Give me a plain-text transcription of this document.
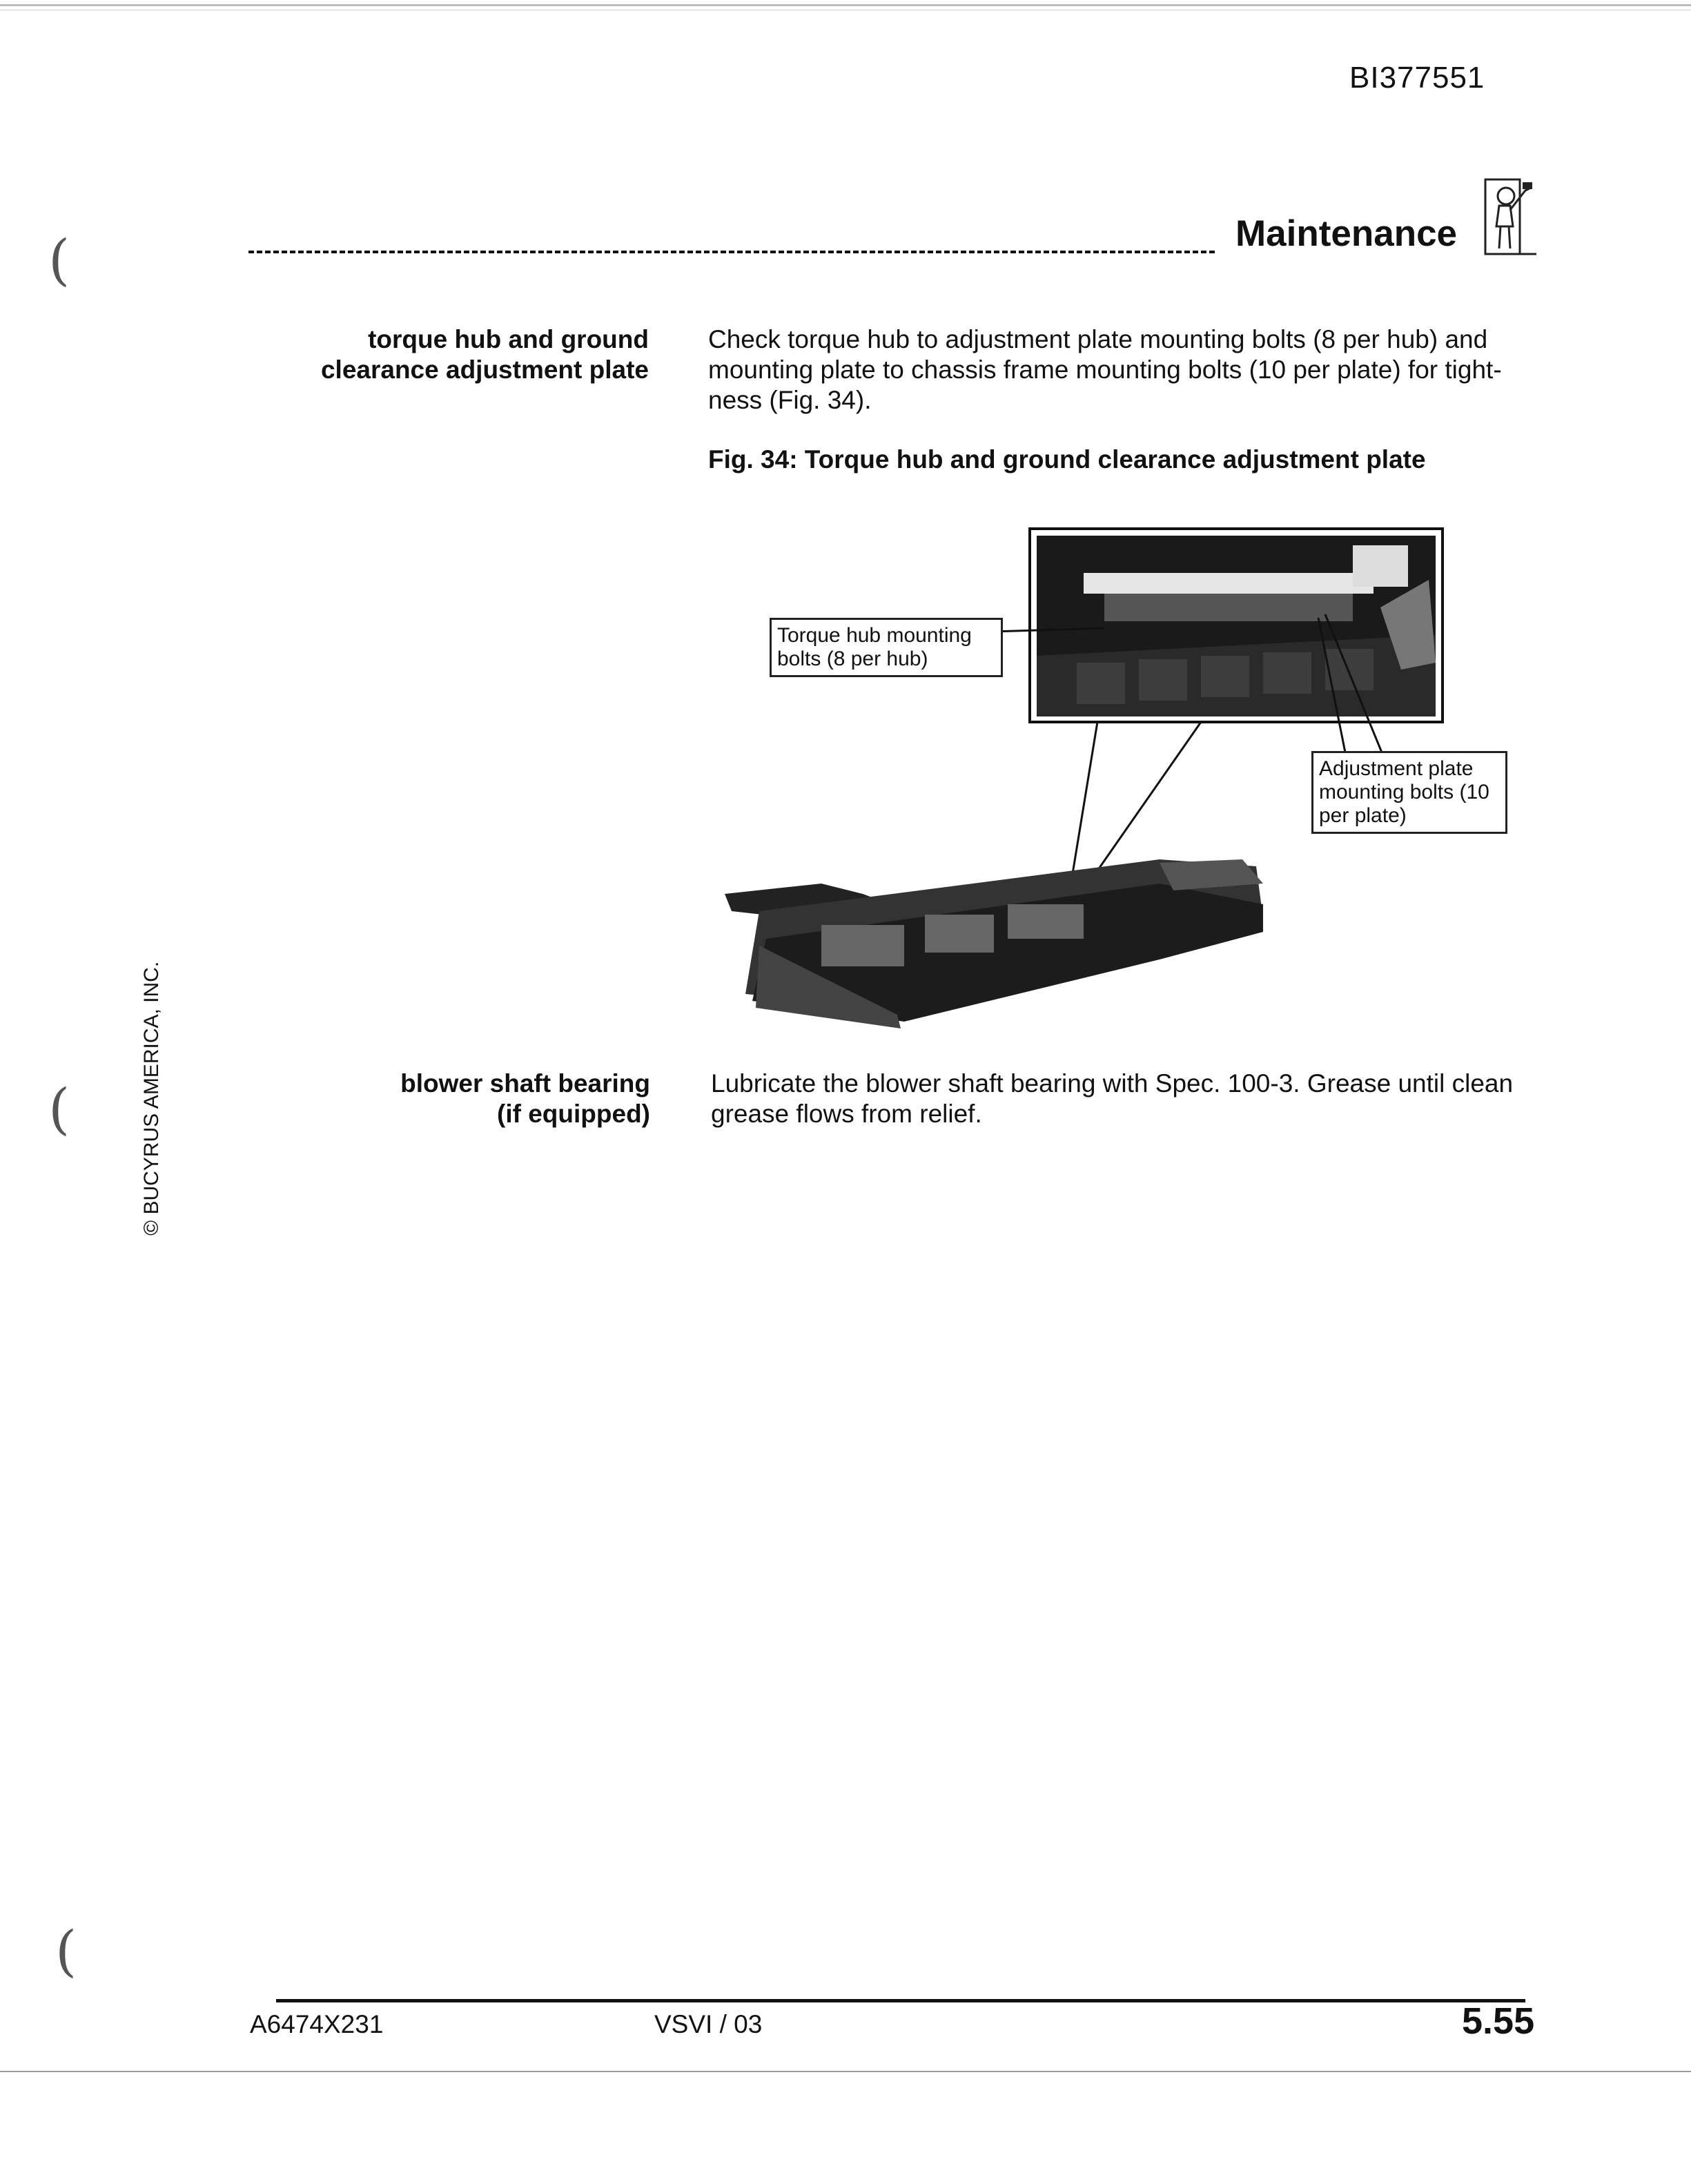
BI377551
Maintenance
(
(
(
© BUCYRUS AMERICA, INC.
torque hub and ground
clearance adjustment plate
Check torque hub to adjustment plate mounting bolts (8 per hub) and mounting plate to chassis frame mounting bolts (10 per plate) for tight-ness (Fig. 34).
Fig. 34: Torque hub and ground clearance adjustment plate
Torque hub mounting
bolts (8 per hub)
Adjustment plate
mounting bolts (10
per plate)
blower shaft bearing
(if equipped)
Lubricate the blower shaft bearing with Spec. 100-3. Grease until clean grease flows from relief.
A6474X231	VSVI / 03	5.55
